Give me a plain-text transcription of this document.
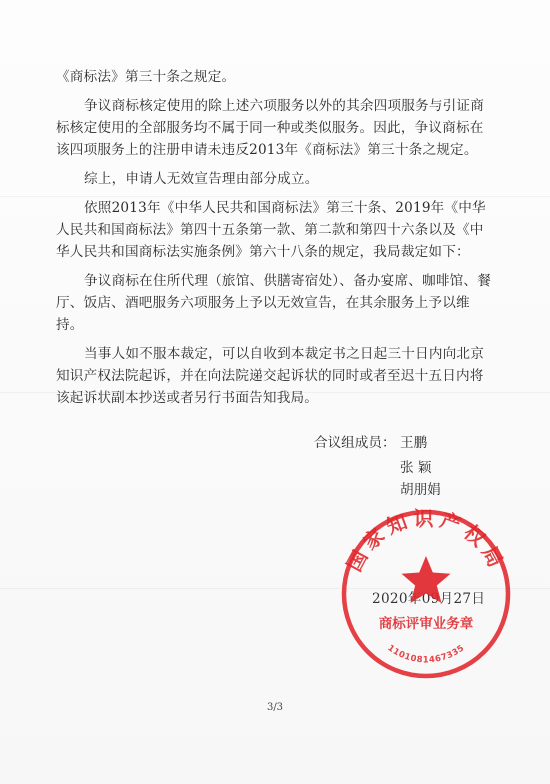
《商标法》第三十条之规定。

争议商标核定使用的除上述六项服务以外的其余四项服务与引证商标核定使用的全部服务均不属于同一种或类似服务。因此，争议商标在该四项服务上的注册申请未违反2013年《商标法》第三十条之规定。

综上，申请人无效宣告理由部分成立。

依照2013年《中华人民共和国商标法》第三十条、2019年《中华人民共和国商标法》第四十五条第一款、第二款和第四十六条以及《中华人民共和国商标法实施条例》第六十八条的规定，我局裁定如下：

争议商标在住所代理（旅馆、供膳寄宿处）、备办宴席、咖啡馆、餐厅、饭店、酒吧服务六项服务上予以无效宣告，在其余服务上予以维持。

当事人如不服本裁定，可以自收到本裁定书之日起三十日内向北京知识产权法院起诉，并在向法院递交起诉状的同时或者至迟十五日内将该起诉状副本抄送或者另行书面告知我局。

合议组成员： 王鹏
张 颖
胡朋娟
2020年09月27日
国家知识产权局
商标评审业务章
1101081467335
3/3
